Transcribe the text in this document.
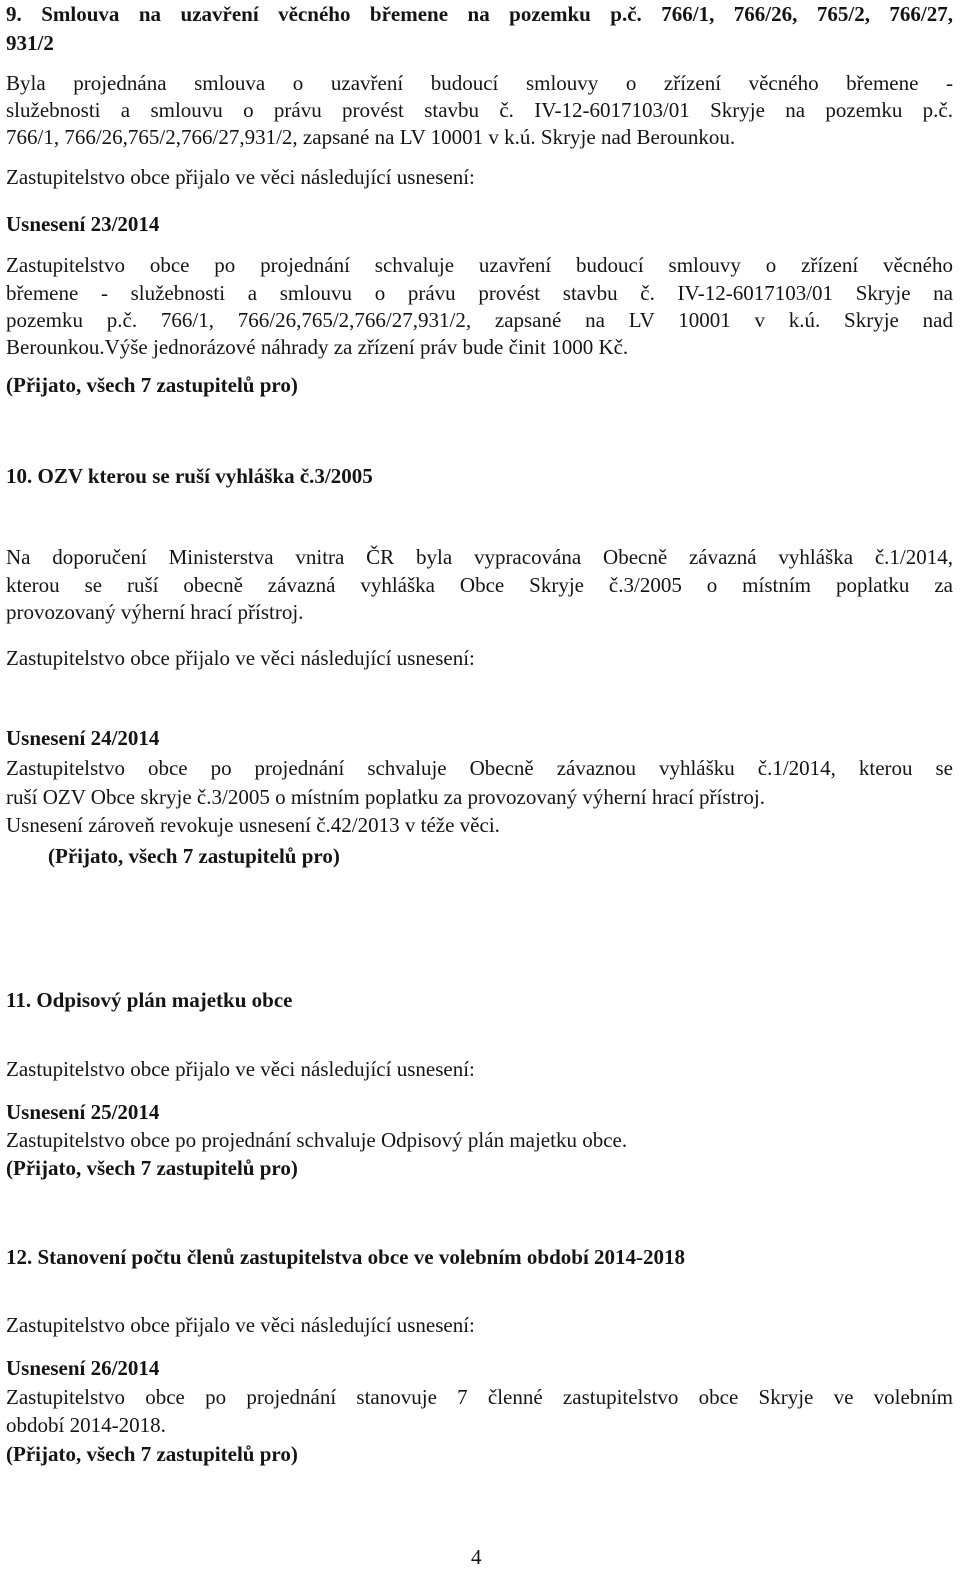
9. Smlouva na uzavření věcného břemene na pozemku p.č. 766/1, 766/26, 765/2, 766/27,
931/2
Byla projednána smlouva o uzavření budoucí smlouvy o zřízení věcného břemene -
služebnosti a smlouvu o právu provést stavbu č. IV-12-6017103/01 Skryje na pozemku p.č.
766/1, 766/26,765/2,766/27,931/2, zapsané na LV 10001 v k.ú. Skryje nad Berounkou.
Zastupitelstvo obce přijalo ve věci následující usnesení:
Usnesení 23/2014
Zastupitelstvo obce po projednání schvaluje uzavření budoucí smlouvy o zřízení věcného
břemene - služebnosti a smlouvu o právu provést stavbu č. IV-12-6017103/01 Skryje na
pozemku p.č. 766/1, 766/26,765/2,766/27,931/2, zapsané na LV 10001 v k.ú. Skryje nad
Berounkou.Výše jednorázové náhrady za zřízení práv bude činit 1000 Kč.
(Přijato, všech 7 zastupitelů pro)
10. OZV kterou se ruší vyhláška č.3/2005
Na doporučení Ministerstva vnitra ČR byla vypracována Obecně závazná vyhláška č.1/2014,
kterou se ruší obecně závazná vyhláška Obce Skryje č.3/2005 o místním poplatku za
provozovaný výherní hrací přístroj.
Zastupitelstvo obce přijalo ve věci následující usnesení:
Usnesení 24/2014
Zastupitelstvo obce po projednání schvaluje Obecně závaznou vyhlášku č.1/2014, kterou se
ruší OZV Obce skryje č.3/2005 o místním poplatku za provozovaný výherní hrací přístroj.
Usnesení zároveň revokuje usnesení č.42/2013 v téže věci.
(Přijato, všech 7 zastupitelů pro)
11. Odpisový plán majetku obce
Zastupitelstvo obce přijalo ve věci následující usnesení:
Usnesení 25/2014
Zastupitelstvo obce po projednání schvaluje Odpisový plán majetku obce.
(Přijato, všech 7 zastupitelů pro)
12. Stanovení počtu členů zastupitelstva obce ve volebním období 2014-2018
Zastupitelstvo obce přijalo ve věci následující usnesení:
Usnesení 26/2014
Zastupitelstvo obce po projednání stanovuje 7 členné zastupitelstvo obce Skryje ve volebním
období 2014-2018.
(Přijato, všech 7 zastupitelů pro)
4
